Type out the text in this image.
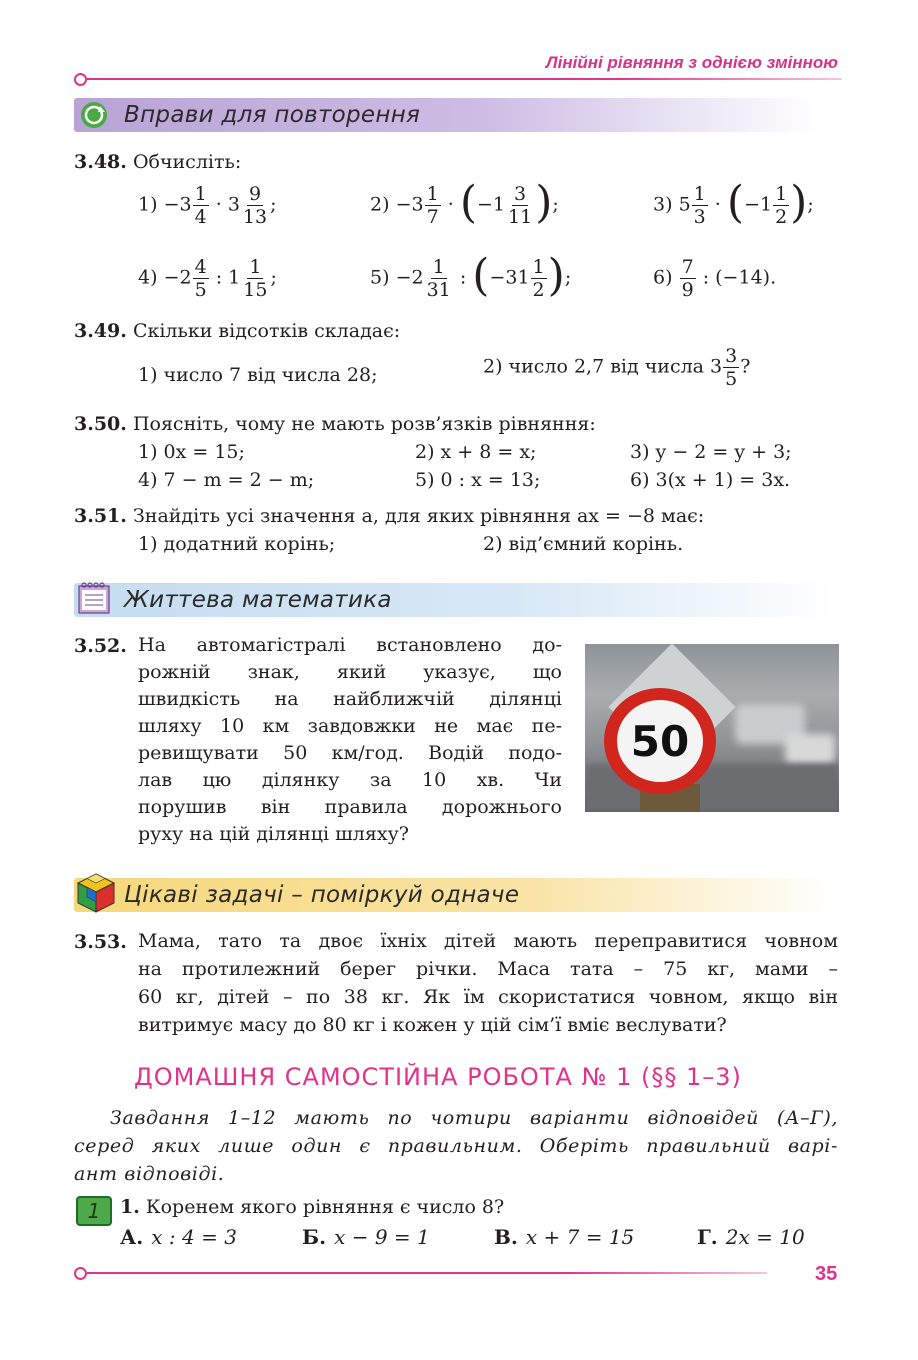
Лінійні рівняння з однією змінною
Вправи для повторення
3.48. Обчисліть:
$1) -3 \frac{1}{4} \cdot 3 \frac{9}{13}$ ;	$2) -3 \frac{1}{7} \cdot (-1 \frac{3}{11}$ );	3) $5 \frac{1}{3} \cdot (-1 \frac{1}{2}$ );
$4) -2 \frac{4}{5}$ : $1 \frac{1}{15}$ ;	$5) -2 \frac{1}{31}$ : ($-31 \frac{1}{2}$ );	$6) \frac{7}{9}$ : (−14).
3.49. Скільки відсотків складає:
1) число 7 від числа 28;	2) число 2,7 від числа $3 \frac{3}{5}$ ?
3.50. Поясніть, чому не мають розв’язків рівняння:
1) 0x = 15;	2) x + 8 = x;	3) y − 2 = y + 3;
4) 7 − m = 2 − m;	5) 0 : x = 13;	6) 3(x + 1) = 3x.
3.51. Знайдіть усі значення a, для яких рівняння ax = −8 має:
1) додатний корінь;	2) від’ємний корінь.
Життева математика
3.52. На автомагістралі встановлено до-
рожній знак, який указує, що
швидкість на найближчій ділянці
шляху 10 км завдовжки не має пе-
ревищувати 50 км/год. Водій подо-
лав цю ділянку за 10 хв. Чи
порушив він правила дорожнього
руху на цій ділянці шляху?
50
Цікаві задачі – поміркуй одначе
3.53. Мама, тато та двоє їхніх дітей мають переправитися човном
на протилежний берег річки. Маса тата – 75 кг, мами –
60 кг, дітей – по 38 кг. Як їм скористатися човном, якщо він
витримує масу до 80 кг і кожен у цій сім’ї вміє веслувати?
ДОМАШНЯ САМОСТІЙНА РОБОТА № 1 (§§ 1–3)
Завдання 1–12 мають по чотири варіанти відповідей (А–Г),
серед яких лише один є правильним. Оберіть правильний варі-
ант відповіді.
1	1. Коренем якого рівняння є число 8?
А. x : 4 = 3	Б. x − 9 = 1	В. x + 7 = 15	Г. 2x = 10
35
